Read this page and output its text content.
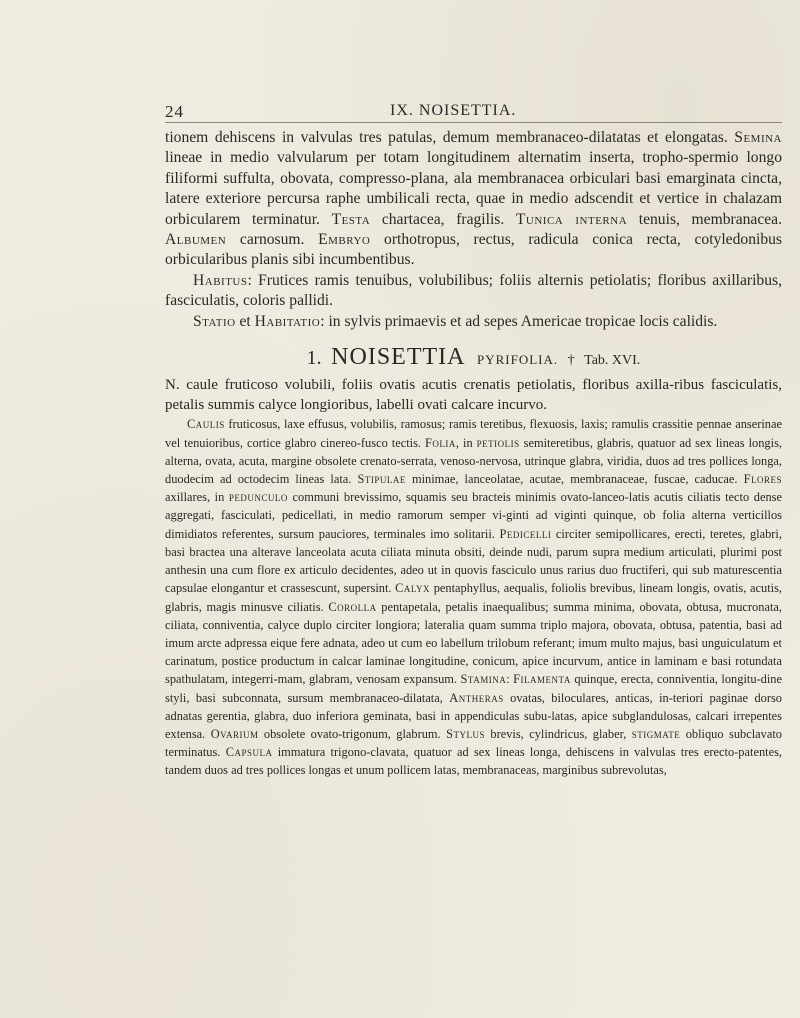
24	IX. NOISETTIA.

tionem dehiscens in valvulas tres patulas, demum membranaceo-dilatatas et elongatas. Semina lineae in medio valvularum per totam longitudinem alternatim inserta, tropho-spermio longo filiformi suffulta, obovata, compresso-plana, ala membranacea orbiculari basi emarginata cincta, latere exteriore percursa raphe umbilicali recta, quae in medio adscendit et vertice in chalazam orbicularem terminatur. Testa chartacea, fragilis. Tunica interna tenuis, membranacea. Albumen carnosum. Embryo orthotropus, rectus, radicula conica recta, cotyledonibus orbicularibus planis sibi incumbentibus.

Habitus: Frutices ramis tenuibus, volubilibus; foliis alternis petiolatis; floribus axillaribus, fasciculatis, coloris pallidi.

Statio et Habitatio: in sylvis primaevis et ad sepes Americae tropicae locis calidis.

1. NOISETTIA PYRIFOLIA. † Tab. XVI.

N. caule fruticoso volubili, foliis ovatis acutis crenatis petiolatis, floribus axilla-ribus fasciculatis, petalis summis calyce longioribus, labelli ovati calcare incurvo.

Caulis fruticosus, laxe effusus, volubilis, ramosus; ramis teretibus, flexuosis, laxis; ramulis crassitie pennae anserinae vel tenuioribus, cortice glabro cinereo-fusco tectis. Folia, in petiolis semiteretibus, glabris, quatuor ad sex lineas longis, alterna, ovata, acuta, margine obsolete crenato-serrata, venoso-nervosa, utrinque glabra, viridia, duos ad tres pollices longa, duodecim ad octodecim lineas lata. Stipulae minimae, lanceolatae, acutae, membranaceae, fuscae, caducae. Flores axillares, in pedunculo communi brevissimo, squamis seu bracteis minimis ovato-lanceo-latis acutis ciliatis tecto dense aggregati, fasciculati, pedicellati, in medio ramorum semper vi-ginti ad viginti quinque, ob folia alterna verticillos dimidiatos referentes, sursum pauciores, terminales imo solitarii. Pedicelli circiter semipollicares, erecti, teretes, glabri, basi bractea una alterave lanceolata acuta ciliata minuta obsiti, deinde nudi, parum supra medium articulati, plurimi post anthesin una cum flore ex articulo decidentes, adeo ut in quovis fasciculo unus rarius duo fructiferi, qui sub maturescentia capsulae elongantur et crassescunt, supersint. Calyx pentaphyllus, aequalis, foliolis brevibus, lineam longis, ovatis, acutis, glabris, magis minusve ciliatis. Corolla pentapetala, petalis inaequalibus; summa minima, obovata, obtusa, mucronata, ciliata, conniventia, calyce duplo circiter longiora; lateralia quam summa triplo majora, obovata, obtusa, patentia, basi ad imum arcte adpressa eique fere adnata, adeo ut cum eo labellum trilobum referant; imum multo majus, basi unguiculatum et carinatum, postice productum in calcar laminae longitudine, conicum, apice incurvum, antice in laminam e basi rotundata spathulatam, integerri-mam, glabram, venosam expansum. Stamina: Filamenta quinque, erecta, conniventia, longitu-dine styli, basi subconnata, sursum membranaceo-dilatata, Antheras ovatas, biloculares, anticas, in-teriori paginae dorso adnatas gerentia, glabra, duo inferiora geminata, basi in appendiculas subu-latas, apice subglandulosas, calcari irrepentes extensa. Ovarium obsolete ovato-trigonum, glabrum. Stylus brevis, cylindricus, glaber, stigmate obliquo subclavato terminatus. Capsula immatura trigono-clavata, quatuor ad sex lineas longa, dehiscens in valvulas tres erecto-patentes, tandem duos ad tres pollices longas et unum pollicem latas, membranaceas, marginibus subrevolutas,
